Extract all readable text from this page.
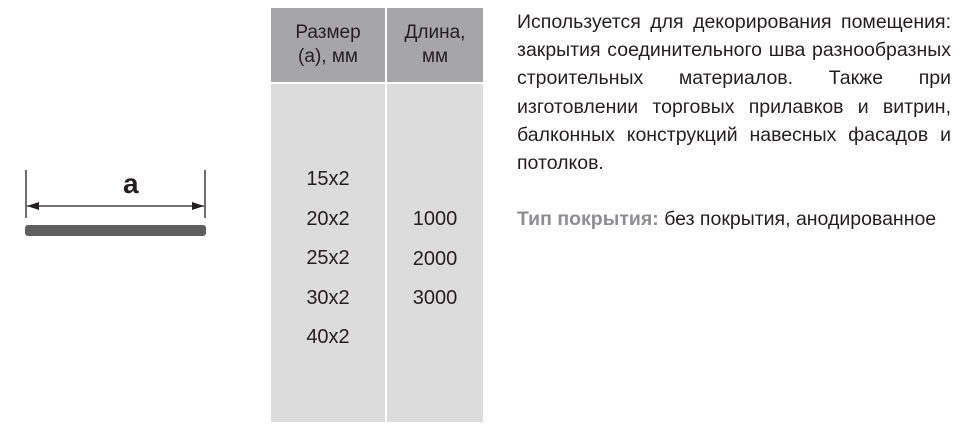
a
Размер
(a), мм
15x2
20x2
25x2
30x2
40x2
Длина,
мм
1000
2000
3000
Используется для декорирования помещения: закрытия соединительного шва разнообразных строительных материалов. Также при изготовлении торговых прилавков и витрин, балконных конструкций навесных фасадов и потолков.
Тип покрытия: без покрытия, анодированное
